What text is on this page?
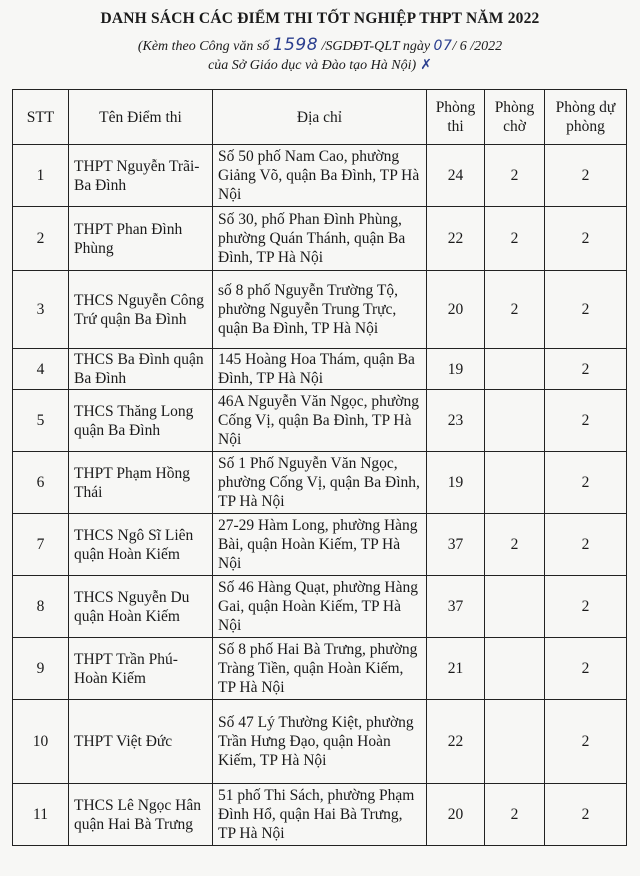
DANH SÁCH CÁC ĐIỂM THI TỐT NGHIỆP THPT NĂM 2022
(Kèm theo Công văn số 1598 /SGDĐT-QLT ngày 07/ 6 /2022
của Sở Giáo dục và Đào tạo Hà Nội) ✗
STT	Tên Điểm thi	Địa chỉ	Phòng thi	Phòng chờ	Phòng dự phòng
1	THPT Nguyễn Trãi-Ba Đình	Số 50 phố Nam Cao, phường Giảng Võ, quận Ba Đình, TP Hà Nội	24	2	2
2	THPT Phan Đình Phùng	Số 30, phố Phan Đình Phùng, phường Quán Thánh, quận Ba Đình, TP Hà Nội	22	2	2
3	THCS Nguyễn Công Trứ quận Ba Đình	số 8 phố Nguyễn Trường Tộ, phường Nguyễn Trung Trực, quận Ba Đình, TP Hà Nội	20	2	2
4	THCS Ba Đình quận Ba Đình	145 Hoàng Hoa Thám, quận Ba Đình, TP Hà Nội	19		2
5	THCS Thăng Long quận Ba Đình	46A Nguyễn Văn Ngọc, phường Cống Vị, quận Ba Đình, TP Hà Nội	23		2
6	THPT Phạm Hồng Thái	Số 1 Phố Nguyễn Văn Ngọc, phường Cống Vị, quận Ba Đình, TP Hà Nội	19		2
7	THCS Ngô Sĩ Liên quận Hoàn Kiếm	27-29 Hàm Long, phường Hàng Bài, quận Hoàn Kiếm, TP Hà Nội	37	2	2
8	THCS Nguyễn Du quận Hoàn Kiếm	Số 46 Hàng Quạt, phường Hàng Gai, quận Hoàn Kiếm, TP Hà Nội	37		2
9	THPT Trần Phú-Hoàn Kiếm	Số 8 phố Hai Bà Trưng, phường Tràng Tiền, quận Hoàn Kiếm, TP Hà Nội	21		2
10	THPT Việt Đức	Số 47 Lý Thường Kiệt, phường Trần Hưng Đạo, quận Hoàn Kiếm, TP Hà Nội	22		2
11	THCS Lê Ngọc Hân quận Hai Bà Trưng	51 phố Thi Sách, phường Phạm Đình Hổ, quận Hai Bà Trưng, TP Hà Nội	20	2	2
